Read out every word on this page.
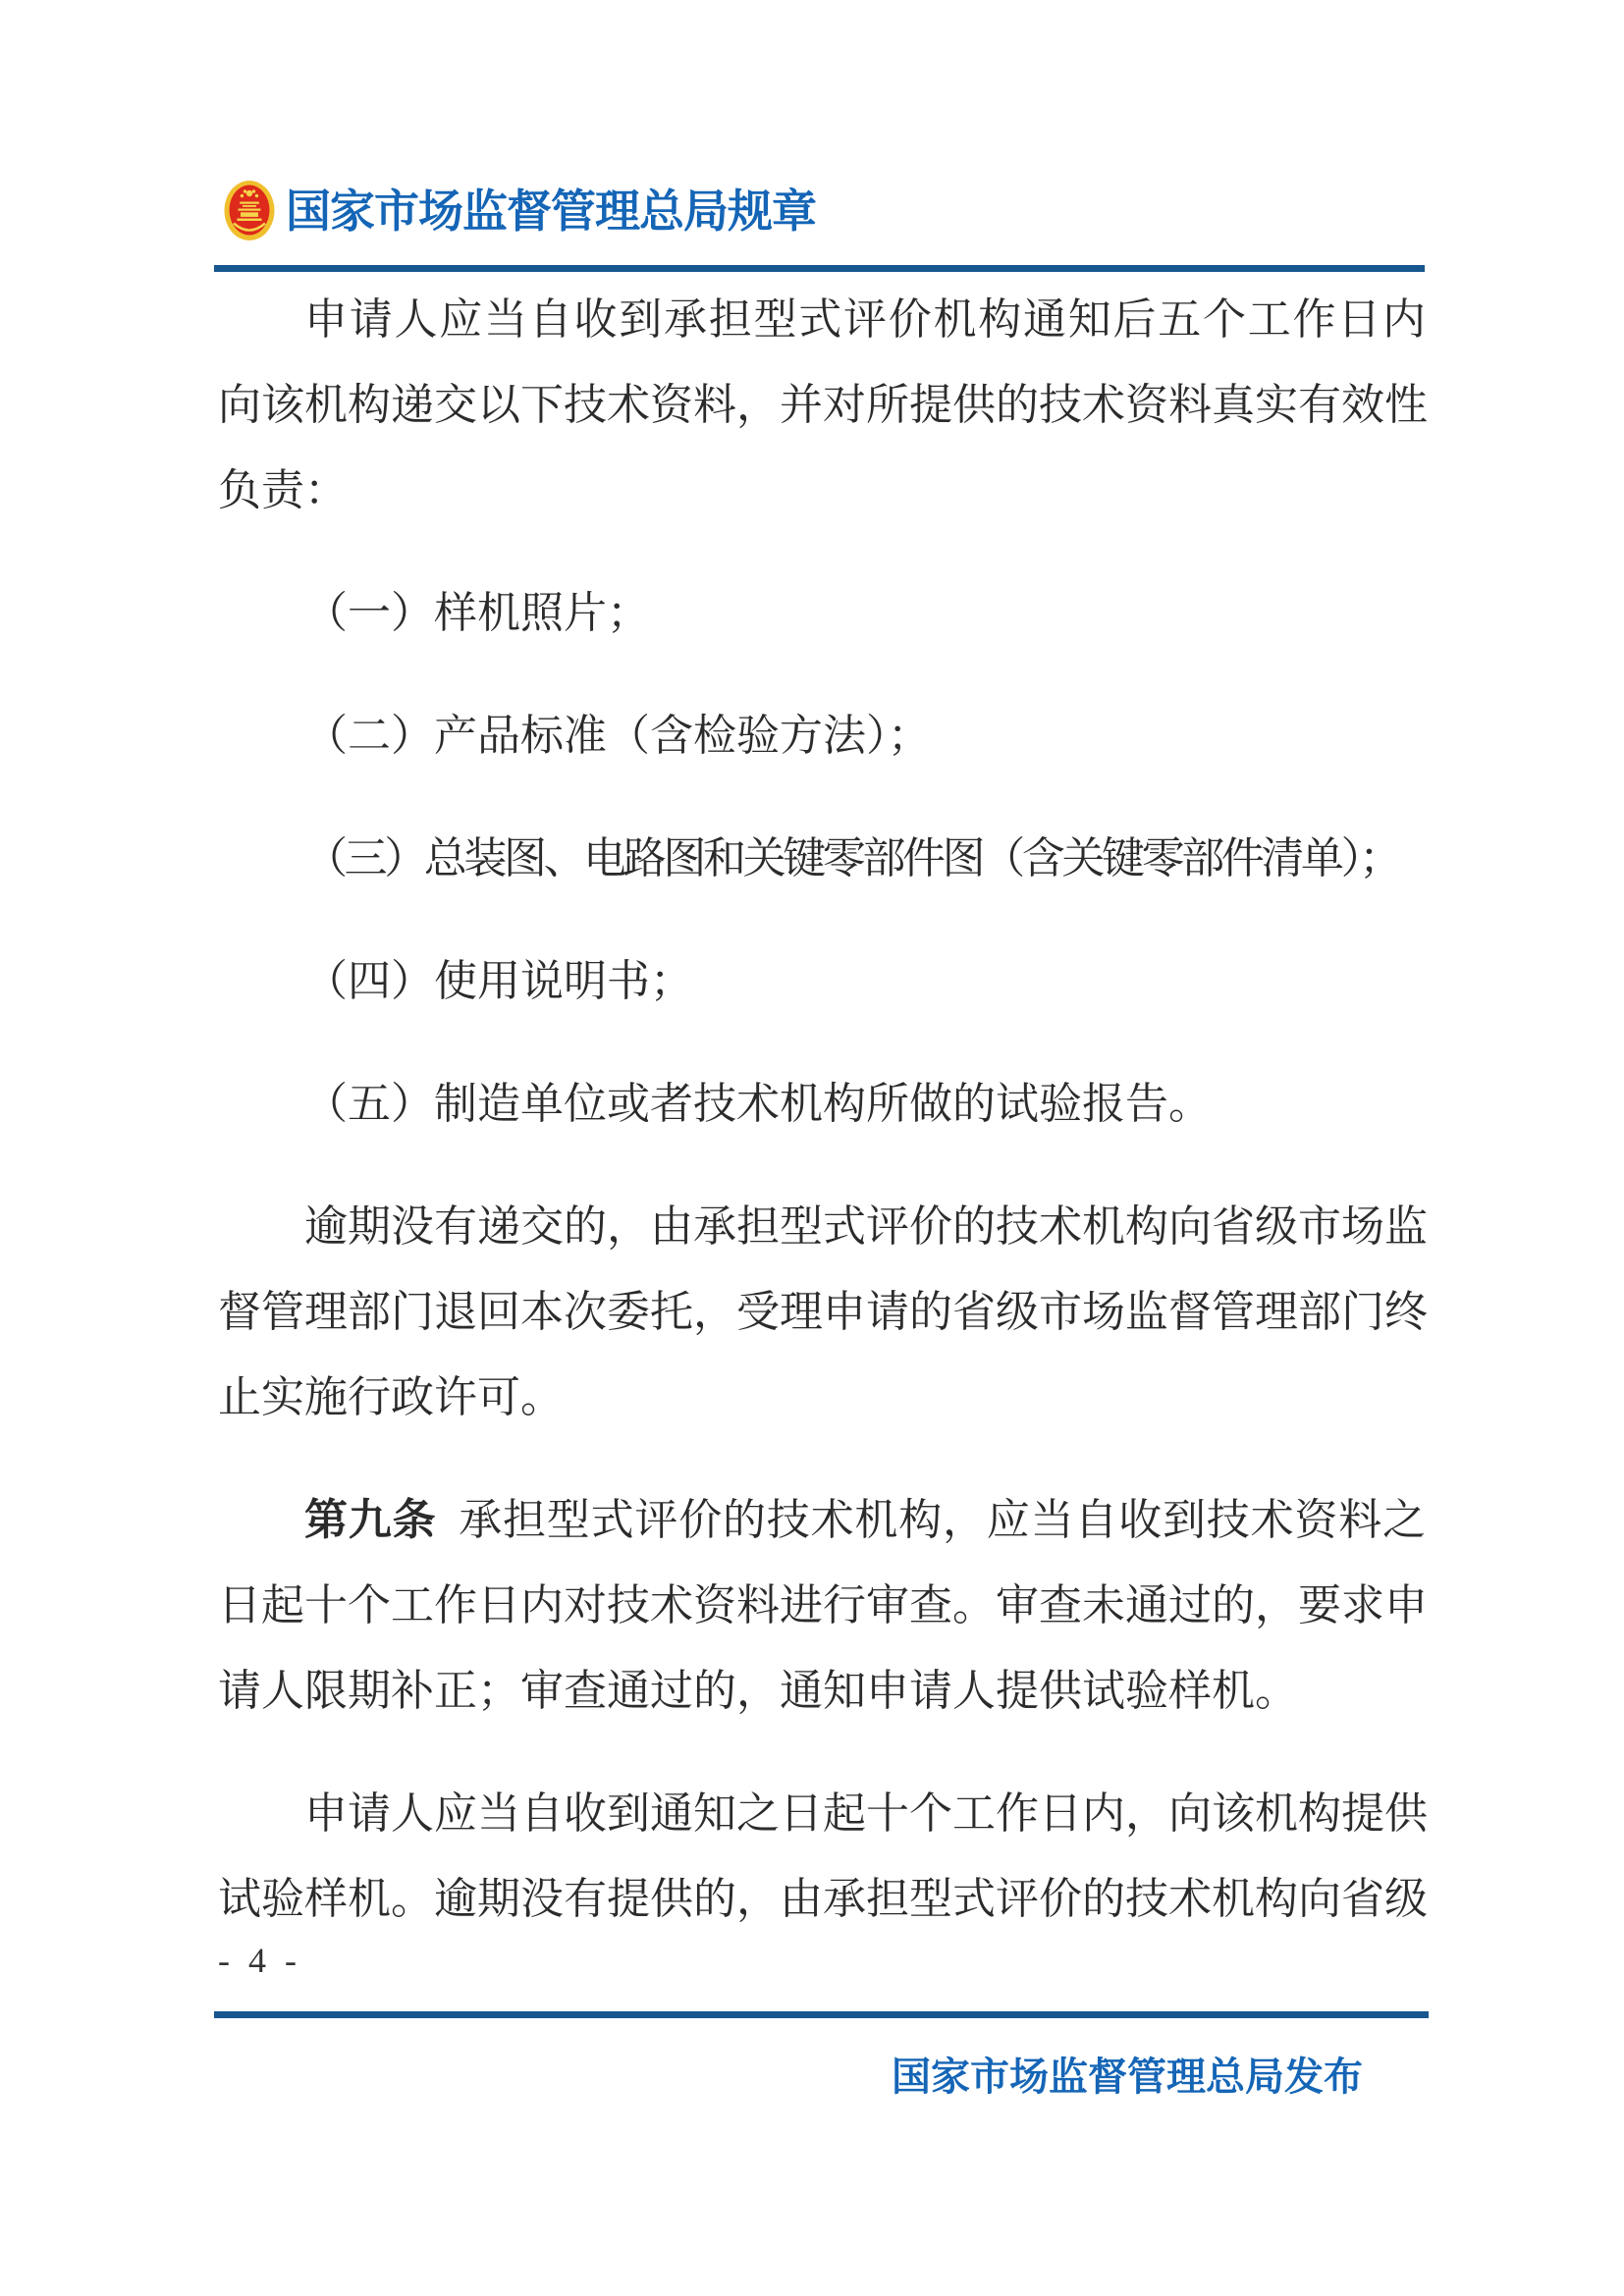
国家市场监督管理总局规章
申请人应当自收到承担型式评价机构通知后五个工作日内
向该机构递交以下技术资料，并对所提供的技术资料真实有效性
负责：
（一）样机照片；
（二）产品标准（含检验方法）；
（三）总装图、电路图和关键零部件图（含关键零部件清单）；
（四）使用说明书；
（五）制造单位或者技术机构所做的试验报告。
逾期没有递交的，由承担型式评价的技术机构向省级市场监
督管理部门退回本次委托，受理申请的省级市场监督管理部门终
止实施行政许可。
第九条 承担型式评价的技术机构，应当自收到技术资料之
日起十个工作日内对技术资料进行审查。审查未通过的，要求申
请人限期补正；审查通过的，通知申请人提供试验样机。
申请人应当自收到通知之日起十个工作日内，向该机构提供
试验样机。逾期没有提供的，由承担型式评价的技术机构向省级
- 4 -
国家市场监督管理总局发布
